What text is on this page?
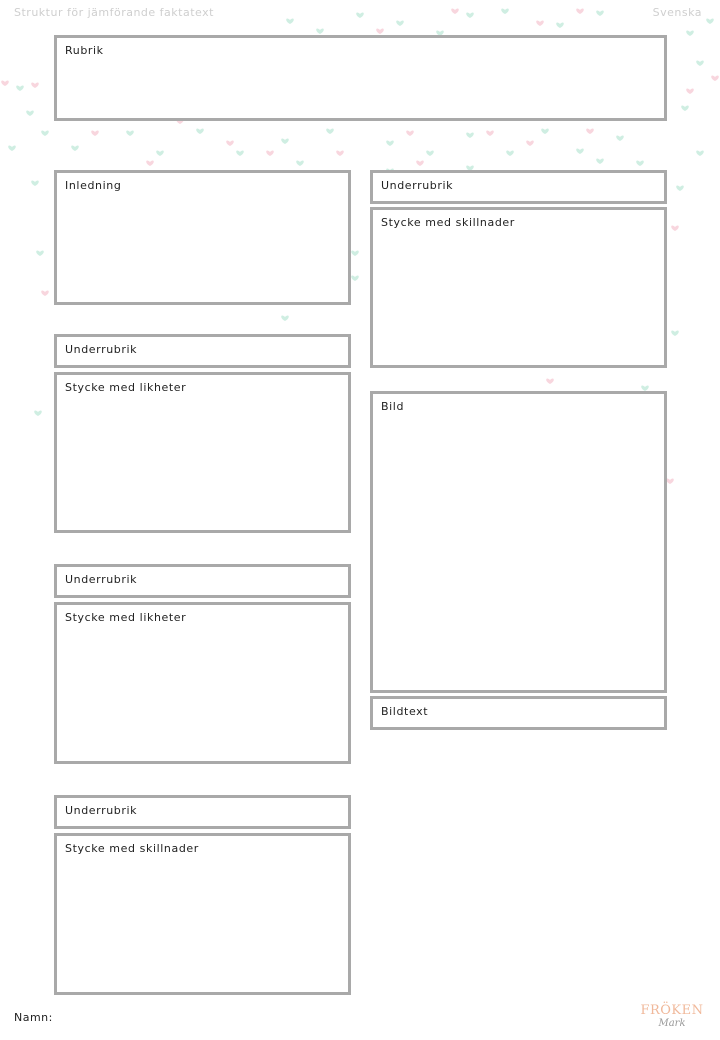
Struktur för jämförande faktatext	Svenska
Rubrik
Inledning
Underrubrik
Stycke med likheter
Underrubrik
Stycke med likheter
Underrubrik
Stycke med skillnader
Underrubrik
Stycke med skillnader
Bild
Bildtext
Namn:	FRÖKEN
Mark
